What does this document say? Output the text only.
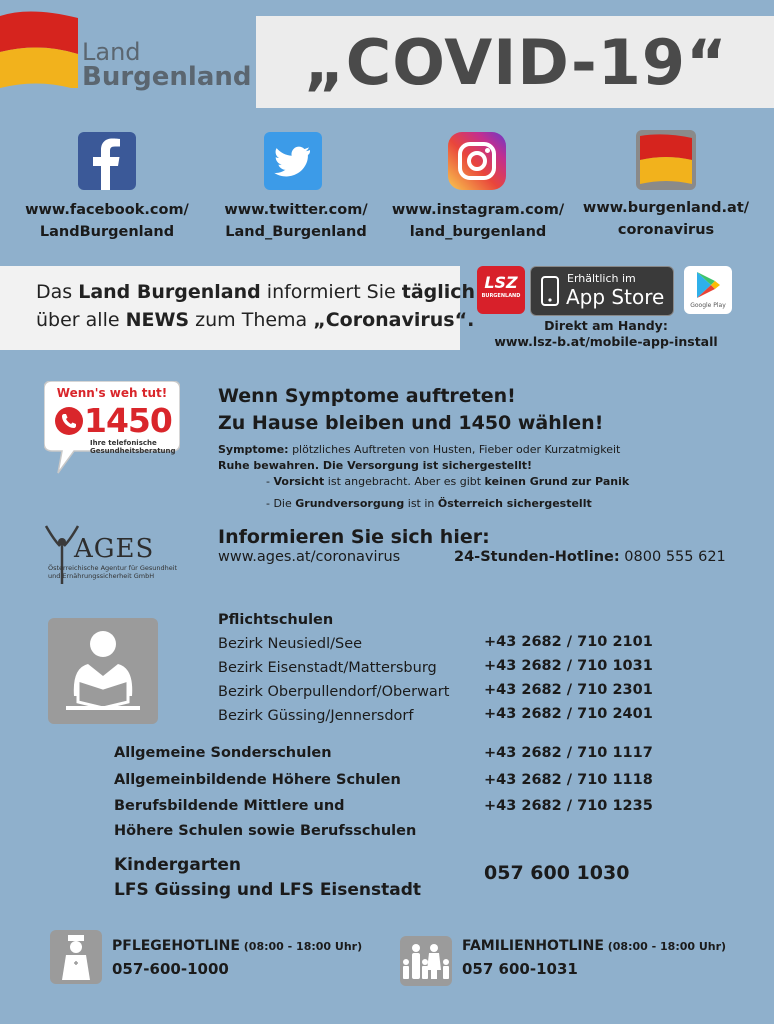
Land
Burgenland „COVID-19“
www.facebook.com/
LandBurgenland
www.twitter.com/
Land_Burgenland
www.instagram.com/
land_burgenland
www.burgenland.at/
coronavirus
Das Land Burgenland informiert Sie täglich
über alle NEWS zum Thema „Coronavirus“.
LSZ
BURGENLAND
Erhältlich im
App Store	Google Play
Direkt am Handy:
www.lsz-b.at/mobile-app-install
Wenn's weh tut!
1450
Ihre telefonische
Gesundheitsberatung
Wenn Symptome auftreten!
Zu Hause bleiben und 1450 wählen!
Symptome: plötzliches Auftreten von Husten, Fieber oder Kurzatmigkeit
Ruhe bewahren. Die Versorgung ist sichergestellt!
- Vorsicht ist angebracht. Aber es gibt keinen Grund zur Panik
- Die Grundversorgung ist in Österreich sichergestellt
AGES
Österreichische Agentur für Gesundheit
und Ernährungssicherheit GmbH
Informieren Sie sich hier:
www.ages.at/coronavirus	24-Stunden-Hotline: 0800 555 621
Pflichtschulen
Bezirk Neusiedl/See	+43 2682 / 710 2101
Bezirk Eisenstadt/Mattersburg	+43 2682 / 710 1031
Bezirk Oberpullendorf/Oberwart +43 2682 / 710 2301
Bezirk Güssing/Jennersdorf	+43 2682 / 710 2401
Allgemeine Sonderschulen	+43 2682 / 710 1117
Allgemeinbildende Höhere Schulen	+43 2682 / 710 1118
Berufsbildende Mittlere und	+43 2682 / 710 1235
Höhere Schulen sowie Berufsschulen
Kindergarten
LFS Güssing und LFS Eisenstadt
057 600 1030
PFLEGEHOTLINE (08:00 - 18:00 Uhr)
057-600-1000
FAMILIENHOTLINE (08:00 - 18:00 Uhr)
057 600-1031
